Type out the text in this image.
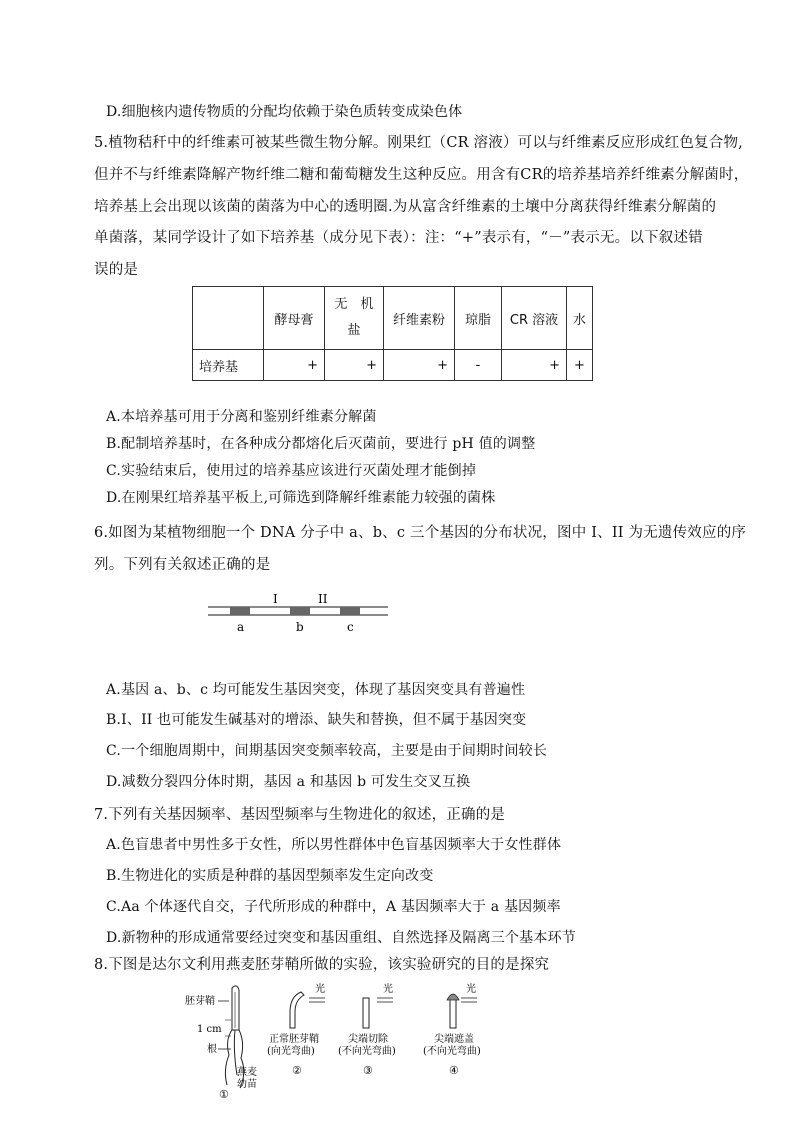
D.细胞核内遗传物质的分配均依赖于染色质转变成染色体
5.植物秸秆中的纤维素可被某些微生物分解。刚果红（CR 溶液）可以与纤维素反应形成红色复合物,
但并不与纤维素降解产物纤维二糖和葡萄糖发生这种反应。用含有CR的培养基培养纤维素分解菌时，
培养基上会出现以该菌的菌落为中心的透明圈.为从富含纤维素的土壤中分离获得纤维素分解菌的
单菌落，某同学设计了如下培养基（成分见下表）：注：“+”表示有，“－”表示无。以下叙述错
误的是
	酵母膏	无　机
盐	纤维素粉	琼脂	CR 溶液	水
培养基	+	+	+	-	+	+
A.本培养基可用于分离和鉴别纤维素分解菌
B.配制培养基时，在各种成分都熔化后灭菌前，要进行 pH 值的调整
C.实验结束后，使用过的培养基应该进行灭菌处理才能倒掉
D.在刚果红培养基平板上,可筛选到降解纤维素能力较强的菌株
6.如图为某植物细胞一个 DNA 分子中 a、b、c 三个基因的分布状况，图中 I、II 为无遗传效应的序
列。下列有关叙述正确的是
I	II
a	b	c
A.基因 a、b、c 均可能发生基因突变，体现了基因突变具有普遍性
B.I、II 也可能发生碱基对的增添、缺失和替换，但不属于基因突变
C.一个细胞周期中，间期基因突变频率较高，主要是由于间期时间较长
D.减数分裂四分体时期，基因 a 和基因 b 可发生交叉互换
7.下列有关基因频率、基因型频率与生物进化的叙述，正确的是
A.色盲患者中男性多于女性，所以男性群体中色盲基因频率大于女性群体
B.生物进化的实质是种群的基因型频率发生定向改变
C.Aa 个体逐代自交，子代所形成的种群中，A 基因频率大于 a 基因频率
D.新物种的形成通常要经过突变和基因重组、自然选择及隔离三个基本环节
8.下图是达尔文利用燕麦胚芽鞘所做的实验，该实验研究的目的是探究
胚芽鞘
1 cm
根
燕麦
幼苗
①
光
正常胚芽鞘
(向光弯曲)
②
光
尖端切除
(不向光弯曲)
③
光
尖端遮盖
(不向光弯曲)
④
